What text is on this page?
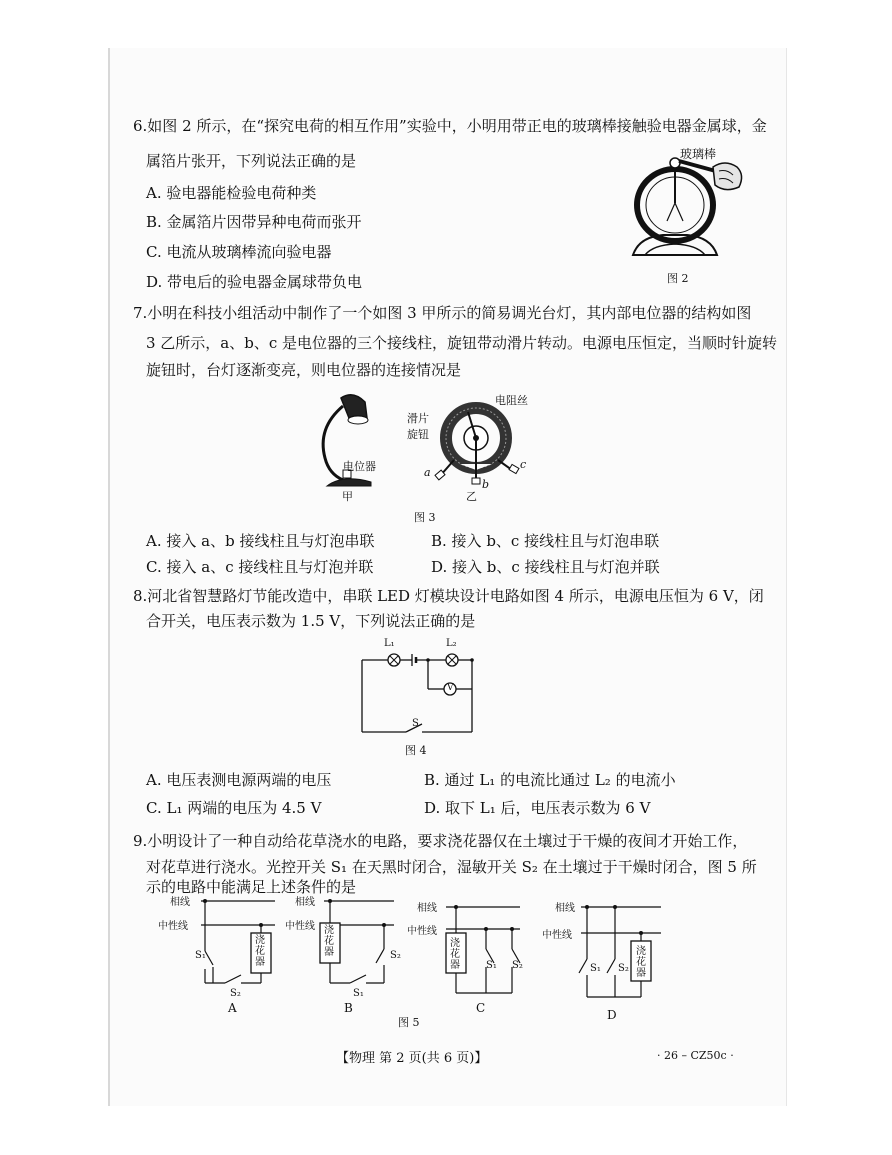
6.如图 2 所示，在“探究电荷的相互作用”实验中，小明用带正电的玻璃棒接触验电器金属球，金
属箔片张开，下列说法正确的是
A. 验电器能检验电荷种类
B. 金属箔片因带异种电荷而张开
C. 电流从玻璃棒流向验电器
D. 带电后的验电器金属球带负电
玻璃棒
图 2
7.小明在科技小组活动中制作了一个如图 3 甲所示的简易调光台灯，其内部电位器的结构如图
3 乙所示，a、b、c 是电位器的三个接线柱，旋钮带动滑片转动。电源电压恒定，当顺时针旋转
旋钮时，台灯逐渐变亮，则电位器的连接情况是
电位器
甲
电阻丝
滑片
旋钮
a
b
c
乙
图 3
A. 接入 a、b 接线柱且与灯泡串联	B. 接入 b、c 接线柱且与灯泡串联
C. 接入 a、c 接线柱且与灯泡并联	D. 接入 b、c 接线柱且与灯泡并联
8.河北省智慧路灯节能改造中，串联 LED 灯模块设计电路如图 4 所示，电源电压恒为 6 V，闭
合开关，电压表示数为 1.5 V，下列说法正确的是
L₁	L₂
V
S
图 4
A. 电压表测电源两端的电压	B. 通过 L₁ 的电流比通过 L₂ 的电流小
C. L₁ 两端的电压为 4.5 V	D. 取下 L₁ 后，电压表示数为 6 V
9.小明设计了一种自动给花草浇水的电路，要求浇花器仅在土壤过于干燥的夜间才开始工作，
对花草进行浇水。光控开关 S₁ 在天黑时闭合，湿敏开关 S₂ 在土壤过于干燥时闭合，图 5 所
示的电路中能满足上述条件的是
相线
中性线
浇花器
S₁
S₂
A
相线
中性线 浇花器
S₁
S₂
B
相线
中性线
浇花器	S₁ S₂
C
相线
中性线
S₁ S₂
浇花器
D
图 5
【物理 第 2 页(共 6 页)】	· 26 – CZ50c ·
